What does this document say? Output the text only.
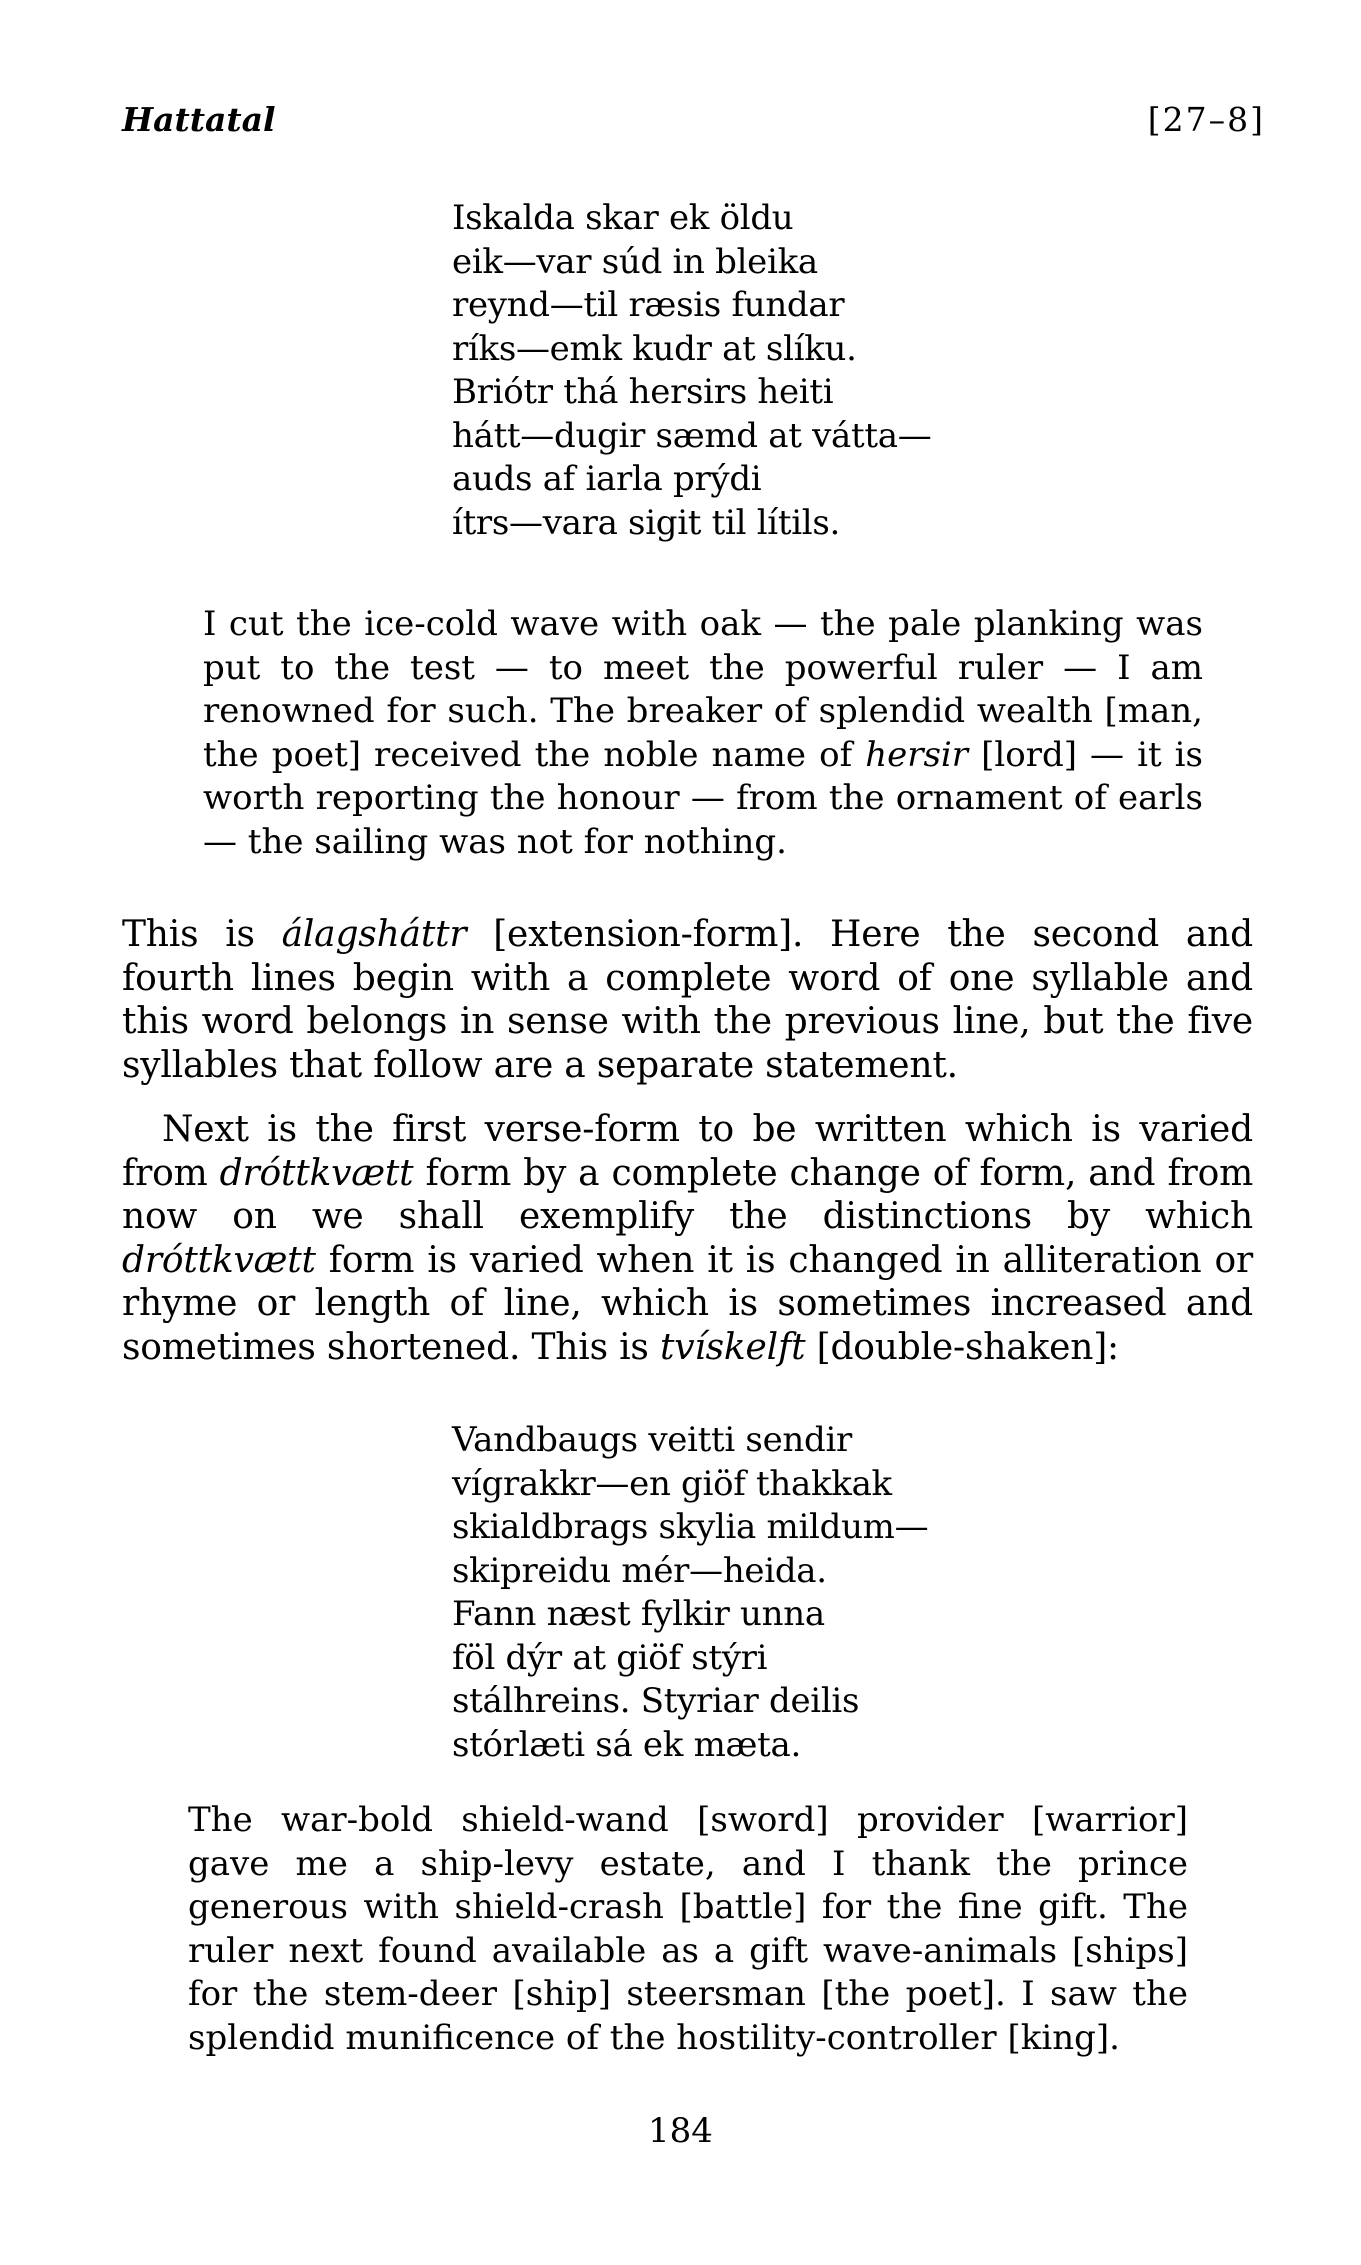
Hattatal	[27–8]
Iskalda skar ek öldu
eik—var súd in bleika
reynd—til ræsis fundar
ríks—emk kudr at slíku.
Briótr thá hersirs heiti
hátt—dugir sæmd at vátta—
auds af iarla prýdi
ítrs—vara sigit til lítils.
I cut the ice-cold wave with oak — the pale planking was put to the test — to meet the powerful ruler — I am renowned for such. The breaker of splendid wealth [man, the poet] received the noble name of hersir [lord] — it is worth reporting the honour — from the ornament of earls — the sailing was not for nothing.
This is álagsháttr [extension-form]. Here the second and fourth lines begin with a complete word of one syllable and this word belongs in sense with the previous line, but the five syllables that follow are a separate statement.
Next is the first verse-form to be written which is varied from dróttkvætt form by a complete change of form, and from now on we shall exemplify the distinctions by which dróttkvætt form is varied when it is changed in alliteration or rhyme or length of line, which is sometimes increased and sometimes shortened. This is tvískelft [double-shaken]:
Vandbaugs veitti sendir
vígrakkr—en giöf thakkak
skialdbrags skylia mildum—
skipreidu mér—heida.
Fann næst fylkir unna
föl dýr at giöf stýri
stálhreins. Styriar deilis
stórlæti sá ek mæta.
The war-bold shield-wand [sword] provider [warrior] gave me a ship-levy estate, and I thank the prince generous with shield-crash [battle] for the fine gift. The ruler next found available as a gift wave-animals [ships] for the stem-deer [ship] steersman [the poet]. I saw the splendid munificence of the hostility-controller [king].
184
